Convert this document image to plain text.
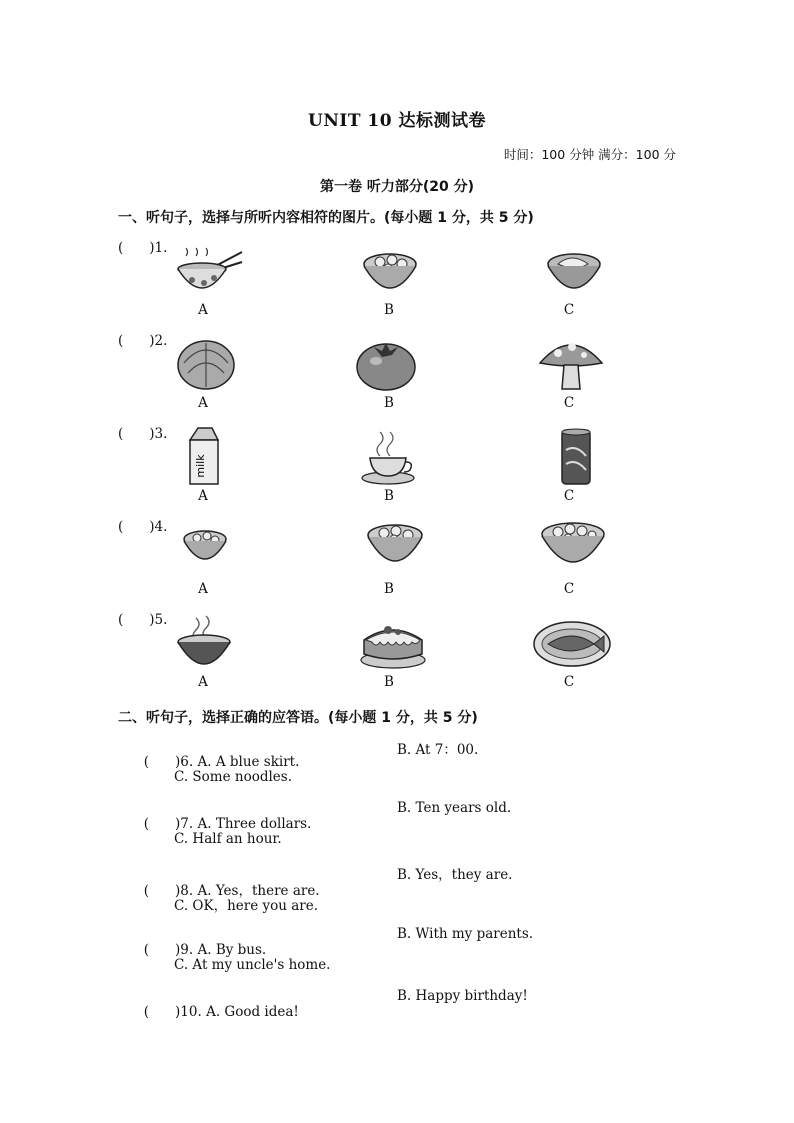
UNIT 10 达标测试卷
时间：100 分钟 满分：100 分
第一卷 听力部分(20 分)
一、听句子，选择与所听内容相符的图片。(每小题 1 分，共 5 分)
( )1.
A	B	C
( )2.
A	B	C
( )3.
milk
A	B	C
( )4.
A	B	C
( )5.
A	B	C
二、听句子，选择正确的应答语。(每小题 1 分，共 5 分)

( )6. A. A blue skirt.

B. At 7：00.
C. Some noodles.

( )7. A. Three dollars.

B. Ten years old.
C. Half an hour.

( )8. A. Yes，there are.

B. Yes，they are.
C. OK，here you are.

( )9. A. By bus.

B. With my parents.
C. At my uncle's home.

( )10. A. Good idea!

B. Happy birthday!
